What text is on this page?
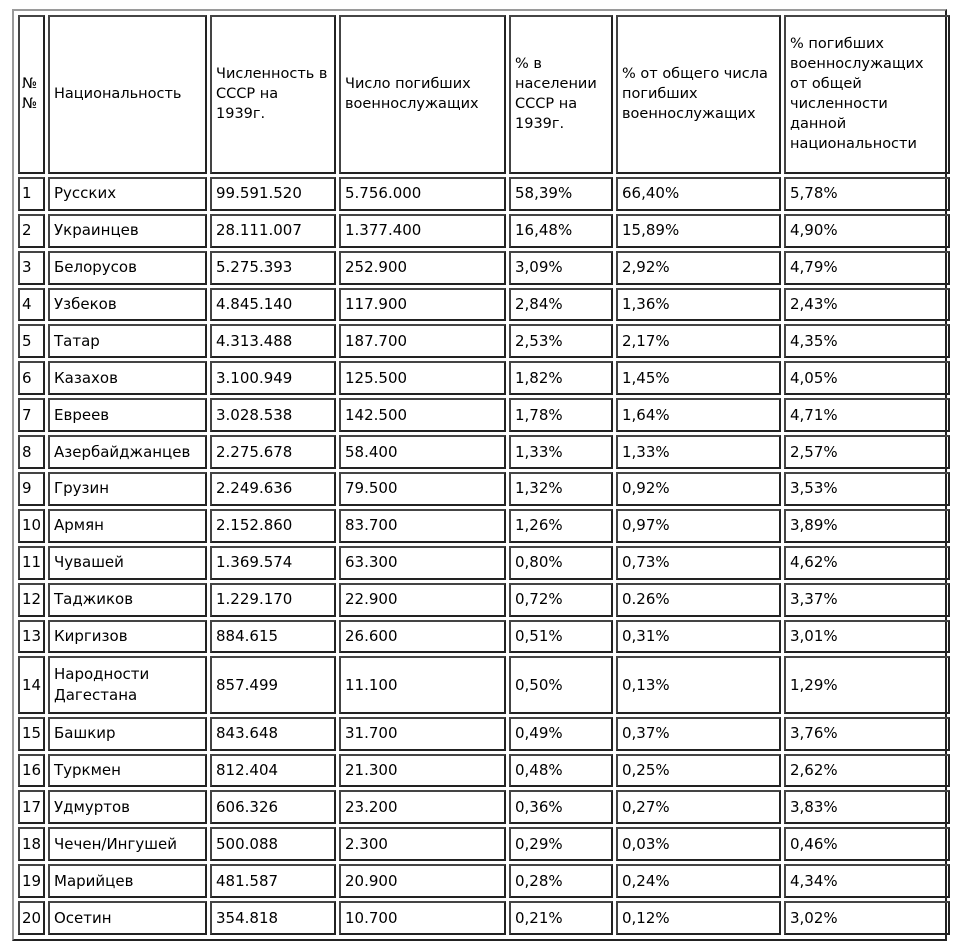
№ №	Национальность	Численность в СССР на 1939г.	Число погибших военнослужащих	% в населении СССР на 1939г.	% от общего числа погибших военнослужащих	% погибших военнослужащих от общей численности данной национальности
1	Русских	99.591.520	5.756.000	58,39%	66,40%	5,78%
2	Украинцев	28.111.007	1.377.400	16,48%	15,89%	4,90%
3	Белорусов	5.275.393	252.900	3,09%	2,92%	4,79%
4	Узбеков	4.845.140	117.900	2,84%	1,36%	2,43%
5	Татар	4.313.488	187.700	2,53%	2,17%	4,35%
6	Казахов	3.100.949	125.500	1,82%	1,45%	4,05%
7	Евреев	3.028.538	142.500	1,78%	1,64%	4,71%
8	Азербайджанцев	2.275.678	58.400	1,33%	1,33%	2,57%
9	Грузин	2.249.636	79.500	1,32%	0,92%	3,53%
10	Армян	2.152.860	83.700	1,26%	0,97%	3,89%
11	Чувашей	1.369.574	63.300	0,80%	0,73%	4,62%
12	Таджиков	1.229.170	22.900	0,72%	0.26%	3,37%
13	Киргизов	884.615	26.600	0,51%	0,31%	3,01%
14	Народности Дагестана	857.499	11.100	0,50%	0,13%	1,29%
15	Башкир	843.648	31.700	0,49%	0,37%	3,76%
16	Туркмен	812.404	21.300	0,48%	0,25%	2,62%
17	Удмуртов	606.326	23.200	0,36%	0,27%	3,83%
18	Чечен/Ингушей	500.088	2.300	0,29%	0,03%	0,46%
19	Марийцев	481.587	20.900	0,28%	0,24%	4,34%
20	Осетин	354.818	10.700	0,21%	0,12%	3,02%
